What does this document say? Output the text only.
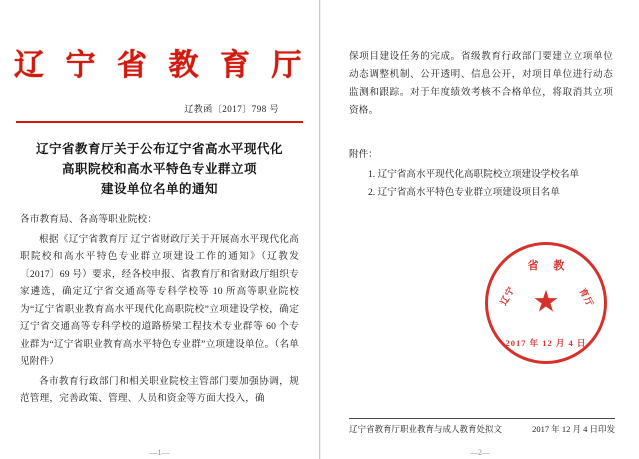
辽 宁 省 教 育 厅
辽教函〔2017〕798 号
辽宁省教育厅关于公布辽宁省高水平现代化
高职院校和高水平特色专业群立项
建设单位名单的通知

各市教育局、各高等职业院校：

根据《辽宁省教育厅 辽宁省财政厅关于开展高水平现代化高职院校和高水平特色专业群立项建设工作的通知》（辽教发〔2017〕69 号）要求，经各校申报、省教育厅和省财政厅组织专家遴选，确定辽宁省交通高等专科学校等 10 所高等职业院校为“辽宁省职业教育高水平现代化高职院校”立项建设学校，确定辽宁省交通高等专科学校的道路桥梁工程技术专业群等 60 个专业群为“辽宁省职业教育高水平特色专业群”立项建设单位。（名单见附件）

各市教育行政部门和相关职业院校主管部门要加强协调，规范管理，完善政策、管理、人员和资金等方面大投入，确

—1—
保项目建设任务的完成。省级教育行政部门要建立立项单位动态调整机制、公开透明、信息公开，对项目单位进行动态监测和跟踪。对于年度绩效考核不合格单位，将取消其立项资格。
附件：
1. 辽宁省高水平现代化高职院校立项建设学校名单
2. 辽宁省高水平特色专业群立项建设项目名单
省 教
辽宁	育厅
★
2017 年 12 月 4 日
辽宁省教育厅职业教育与成人教育处拟文	2017 年 12 月 4 日印发
—2—
